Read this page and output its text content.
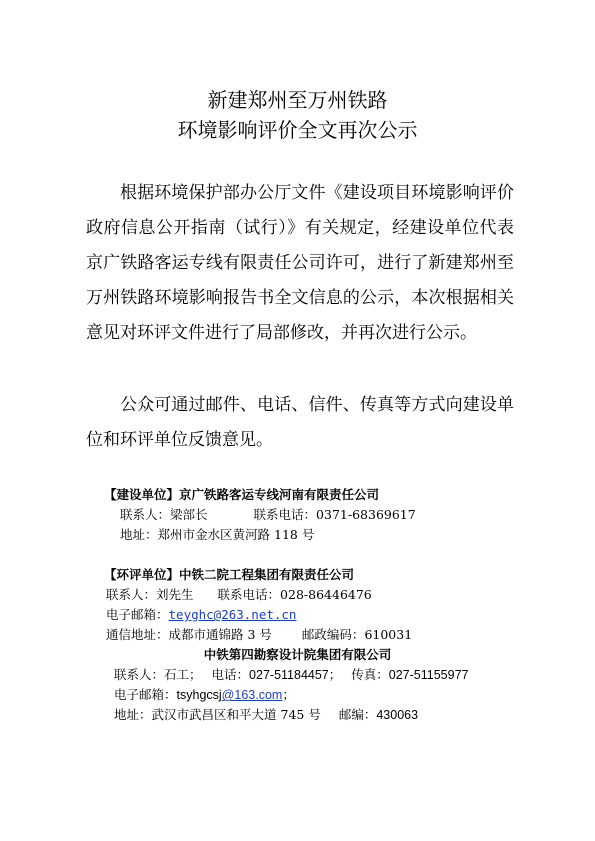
新建郑州至万州铁路
环境影响评价全文再次公示
根据环境保护部办公厅文件《建设项目环境影响评价政府信息公开指南（试行）》有关规定，经建设单位代表京广铁路客运专线有限责任公司许可，进行了新建郑州至万州铁路环境影响报告书全文信息的公示，本次根据相关意见对环评文件进行了局部修改，并再次进行公示。
公众可通过邮件、电话、信件、传真等方式向建设单位和环评单位反馈意见。
【建设单位】京广铁路客运专线河南有限责任公司
联系人：梁部长	联系电话：0371-68369617
地址：郑州市金水区黄河路 118 号
【环评单位】中铁二院工程集团有限责任公司
联系人：刘先生 联系电话：028-86446476
电子邮箱：teyghc@263.net.cn
通信地址：成都市通锦路 3 号 邮政编码：610031
中铁第四勘察设计院集团有限公司
联系人：石工； 电话：027-51184457； 传真：027-51155977
电子邮箱：tsyhgcsj@163.com；
地址：武汉市武昌区和平大道 745 号 邮编：430063
